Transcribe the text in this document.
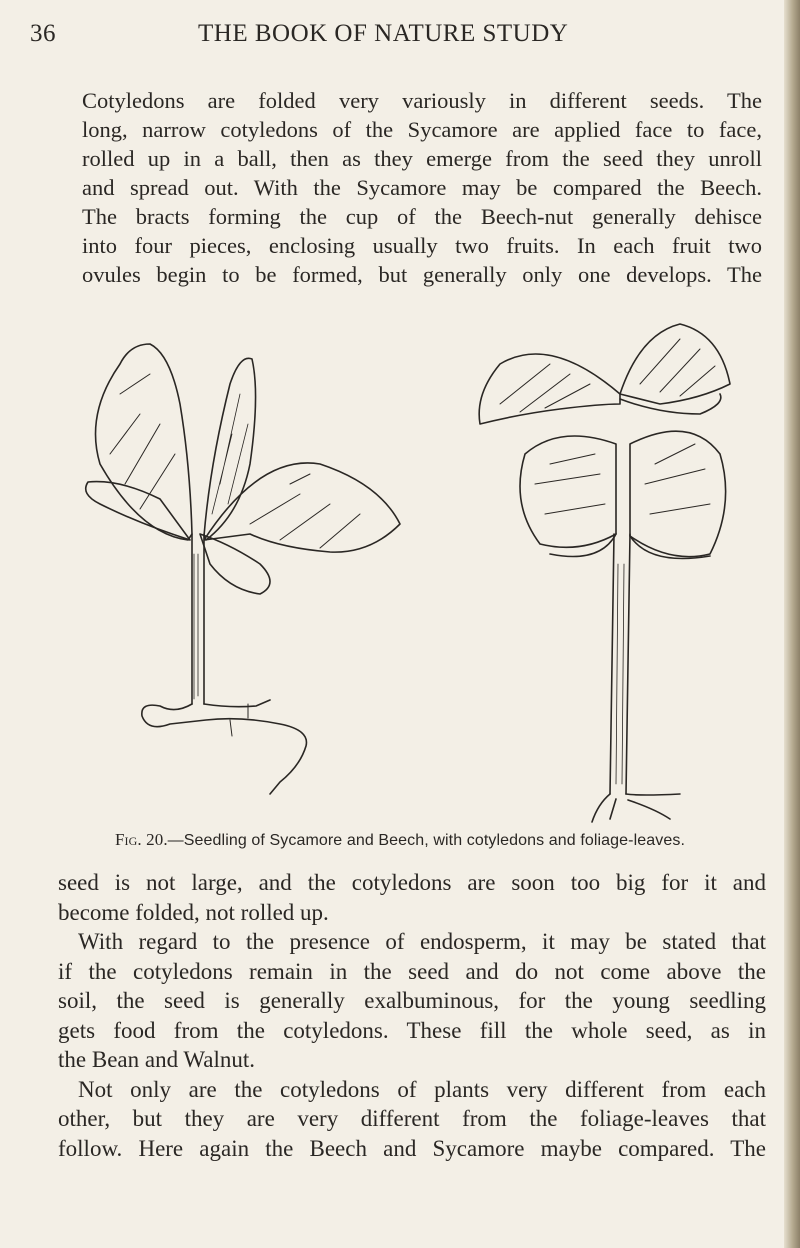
36	THE BOOK OF NATURE STUDY

Cotyledons are folded very variously in different seeds. The
long, narrow cotyledons of the Sycamore are applied face to face,
rolled up in a ball, then as they emerge from the seed they unroll
and spread out. With the Sycamore may be compared the Beech.
The bracts forming the cup of the Beech-nut generally dehisce
into four pieces, enclosing usually two fruits. In each fruit two
ovules begin to be formed, but generally only one develops. The

Fig. 20.—Seedling of Sycamore and Beech, with cotyledons and foliage-leaves.

seed is not large, and the cotyledons are soon too big for it and
become folded, not rolled up.
With regard to the presence of endosperm, it may be stated that
if the cotyledons remain in the seed and do not come above the
soil, the seed is generally exalbuminous, for the young seedling
gets food from the cotyledons. These fill the whole seed, as in
the Bean and Walnut.
Not only are the cotyledons of plants very different from each
other, but they are very different from the foliage-leaves that
follow. Here again the Beech and Sycamore maybe compared. The
